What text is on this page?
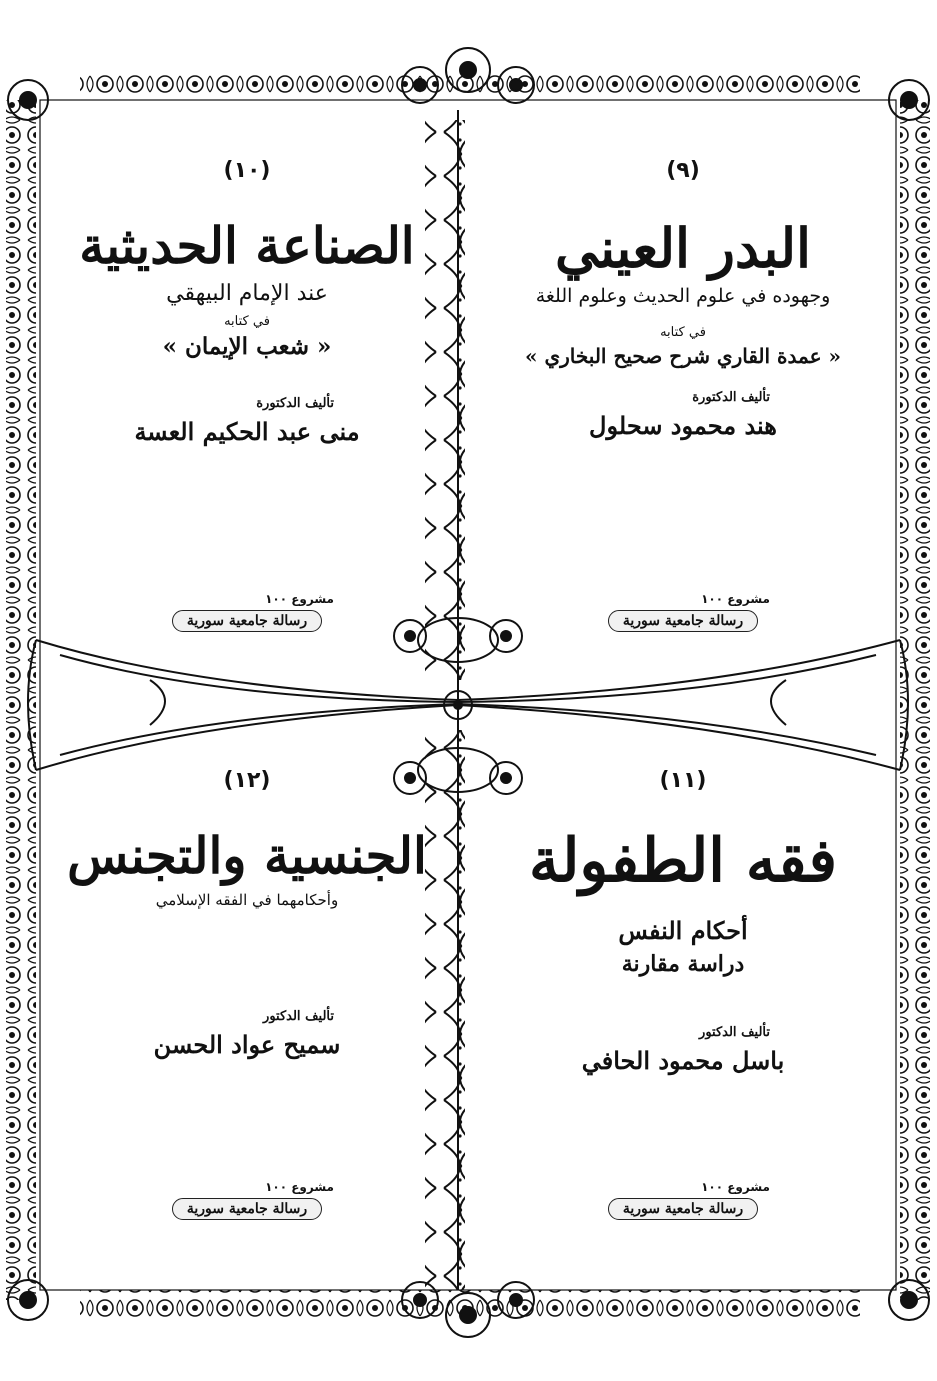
(٩)
البدر العيني
وجهوده في علوم الحديث وعلوم اللغة
في كتابه
« عمدة القاري شرح صحيح البخاري »
تأليف الدكتورة
هند محمود سحلول
مشروع ١٠٠
رسالة جامعية سورية
(١٠)
الصناعة الحديثية
عند الإمام البيهقي
في كتابه
« شعب الإيمان »
تأليف الدكتورة
منى عبد الحكيم العسة
مشروع ١٠٠
رسالة جامعية سورية
(١١)
فقه الطفولة
أحكام النفس
دراسة مقارنة
تأليف الدكتور
باسل محمود الحافي
مشروع ١٠٠
رسالة جامعية سورية
(١٢)
الجنسية والتجنس
وأحكامهما في الفقه الإسلامي
تأليف الدكتور
سميح عواد الحسن
مشروع ١٠٠
رسالة جامعية سورية
